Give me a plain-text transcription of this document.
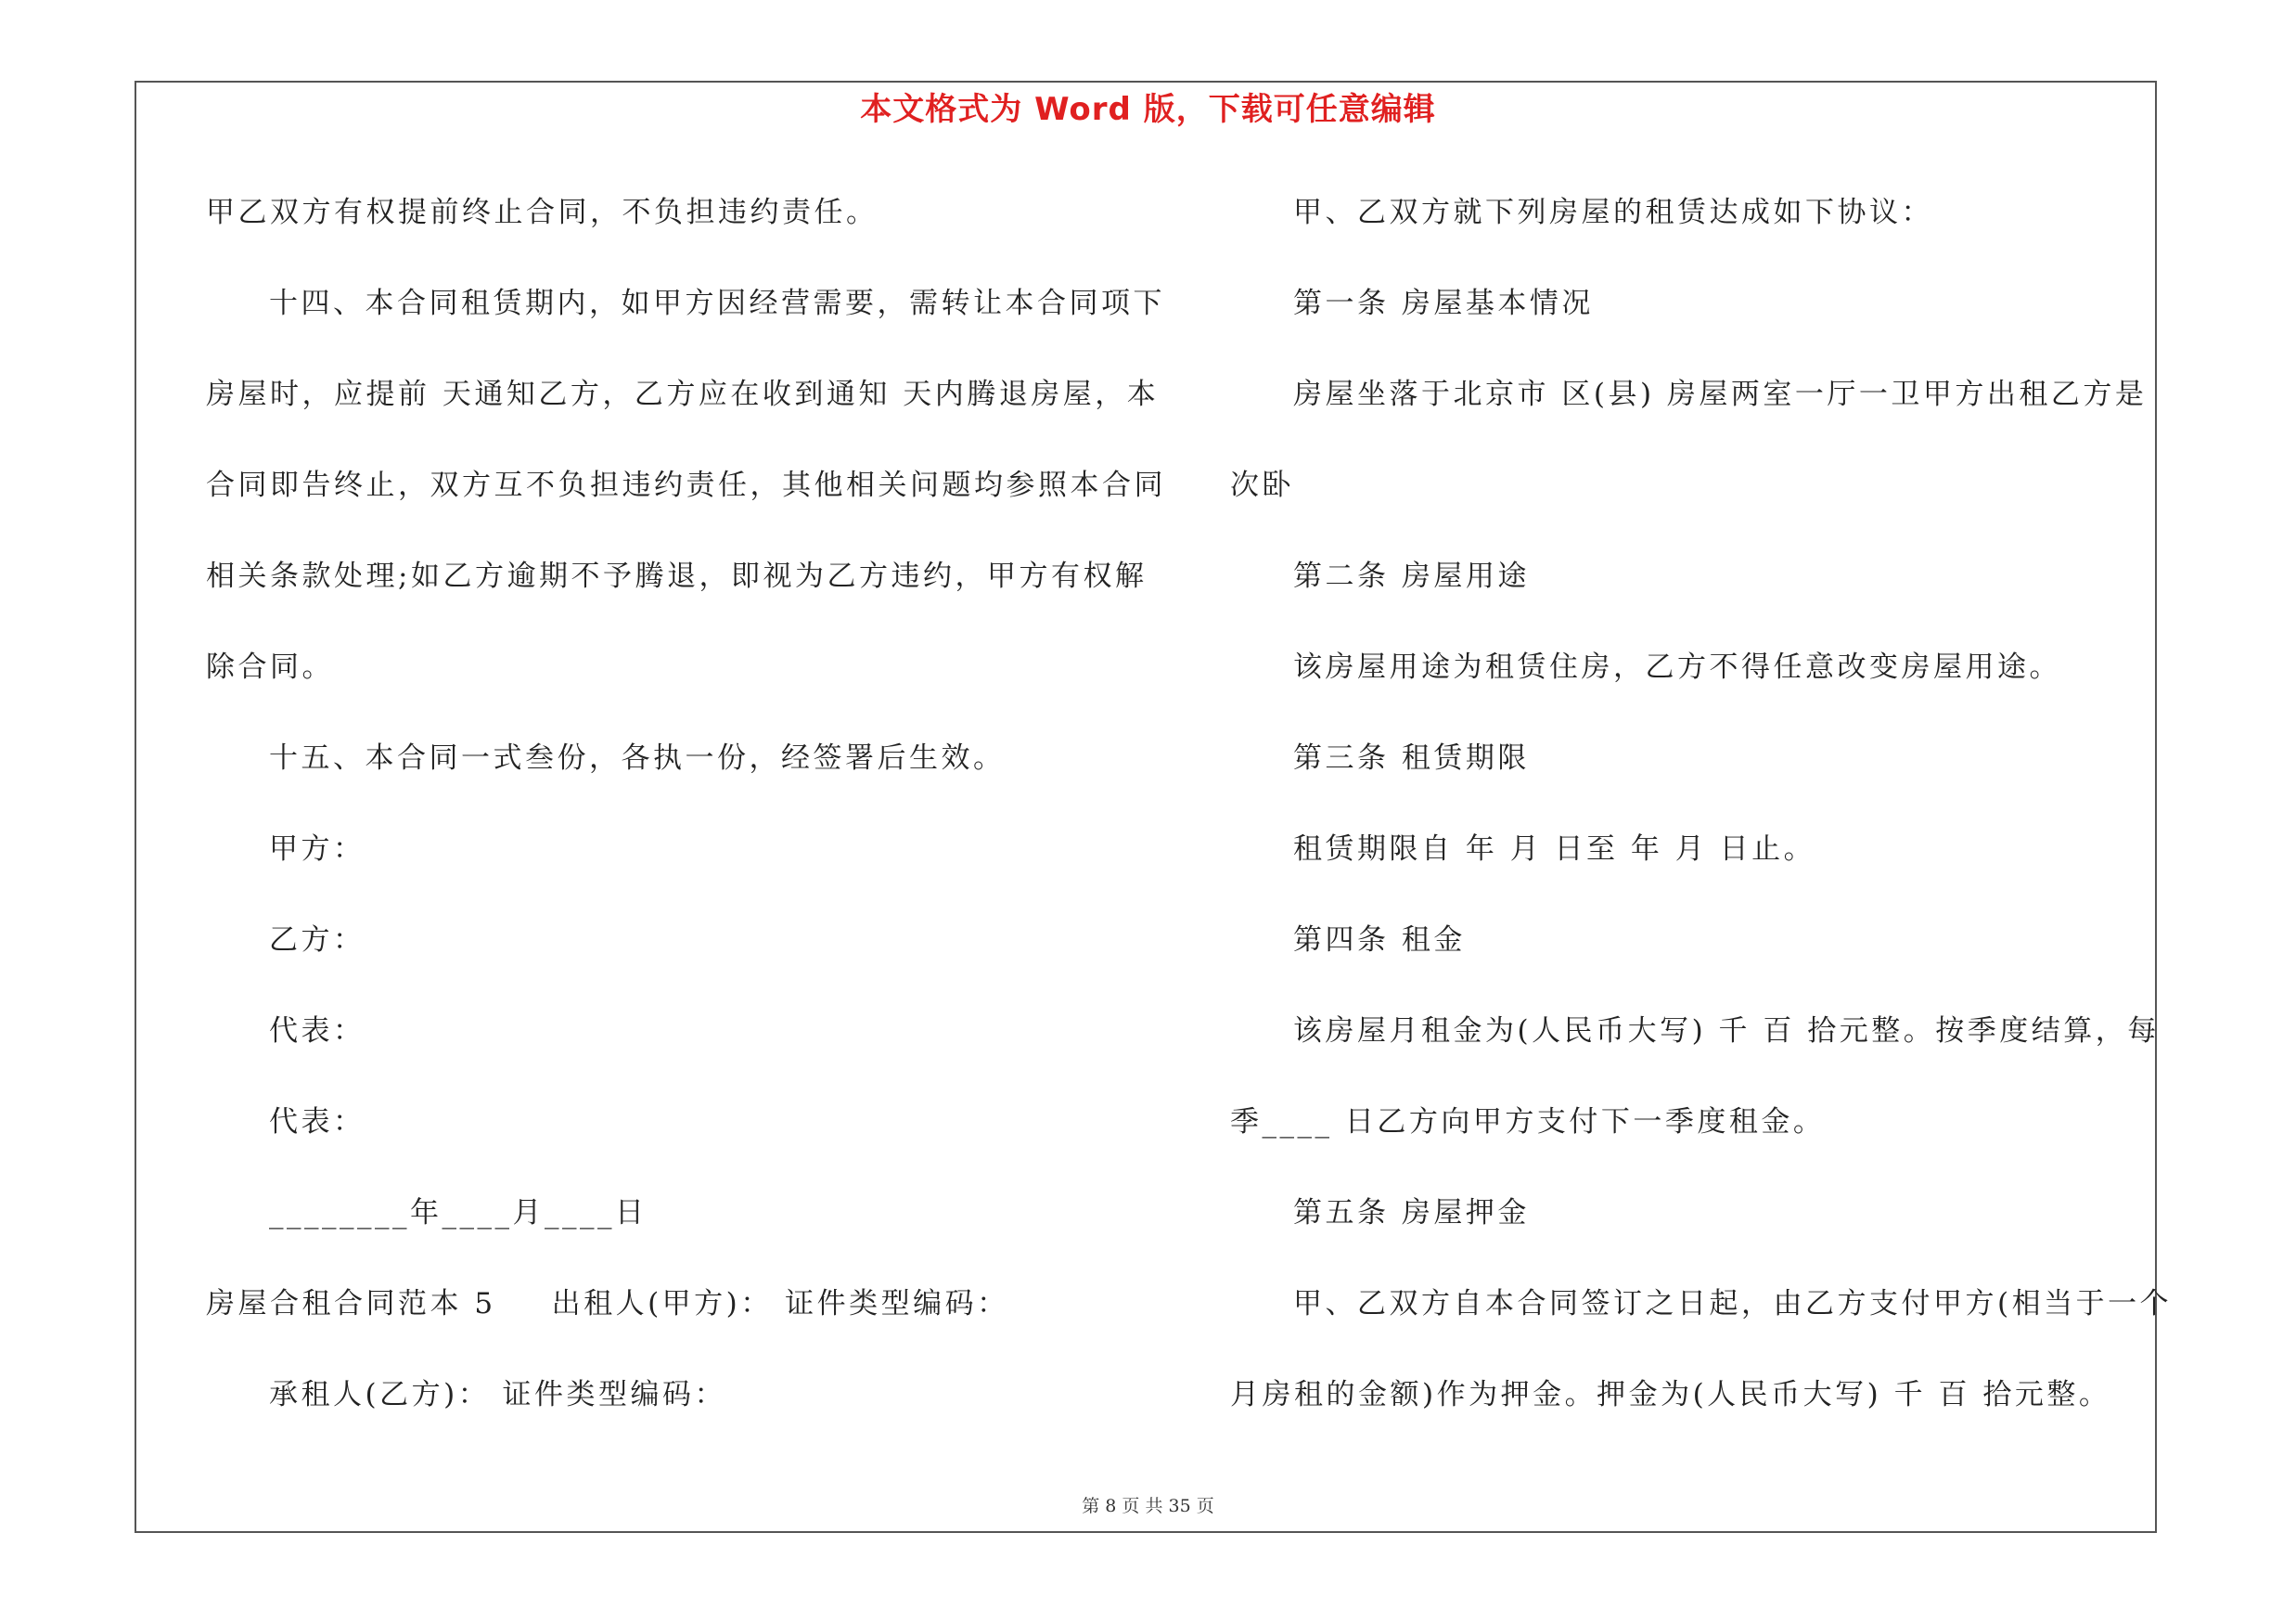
本文格式为 Word 版，下载可任意编辑

甲乙双方有权提前终止合同，不负担违约责任。

十四、本合同租赁期内，如甲方因经营需要，需转让本合同项下

房屋时，应提前 天通知乙方，乙方应在收到通知 天内腾退房屋，本

合同即告终止，双方互不负担违约责任，其他相关问题均参照本合同

相关条款处理;如乙方逾期不予腾退，即视为乙方违约，甲方有权解

除合同。

十五、本合同一式叁份，各执一份，经签署后生效。

甲方：

乙方：

代表：

代表：

________年____月____日

房屋合租合同范本 5 出租人(甲方)： 证件类型编码：

承租人(乙方)： 证件类型编码：

甲、乙双方就下列房屋的租赁达成如下协议：

第一条 房屋基本情况

房屋坐落于北京市 区(县) 房屋两室一厅一卫甲方出租乙方是

次卧

第二条 房屋用途

该房屋用途为租赁住房，乙方不得任意改变房屋用途。

第三条 租赁期限

租赁期限自 年 月 日至 年 月 日止。

第四条 租金

该房屋月租金为(人民币大写) 千 百 拾元整。按季度结算，每

季____ 日乙方向甲方支付下一季度租金。

第五条 房屋押金

甲、乙双方自本合同签订之日起，由乙方支付甲方(相当于一个

月房租的金额)作为押金。押金为(人民币大写) 千 百 拾元整。

第 8 页 共 35 页
